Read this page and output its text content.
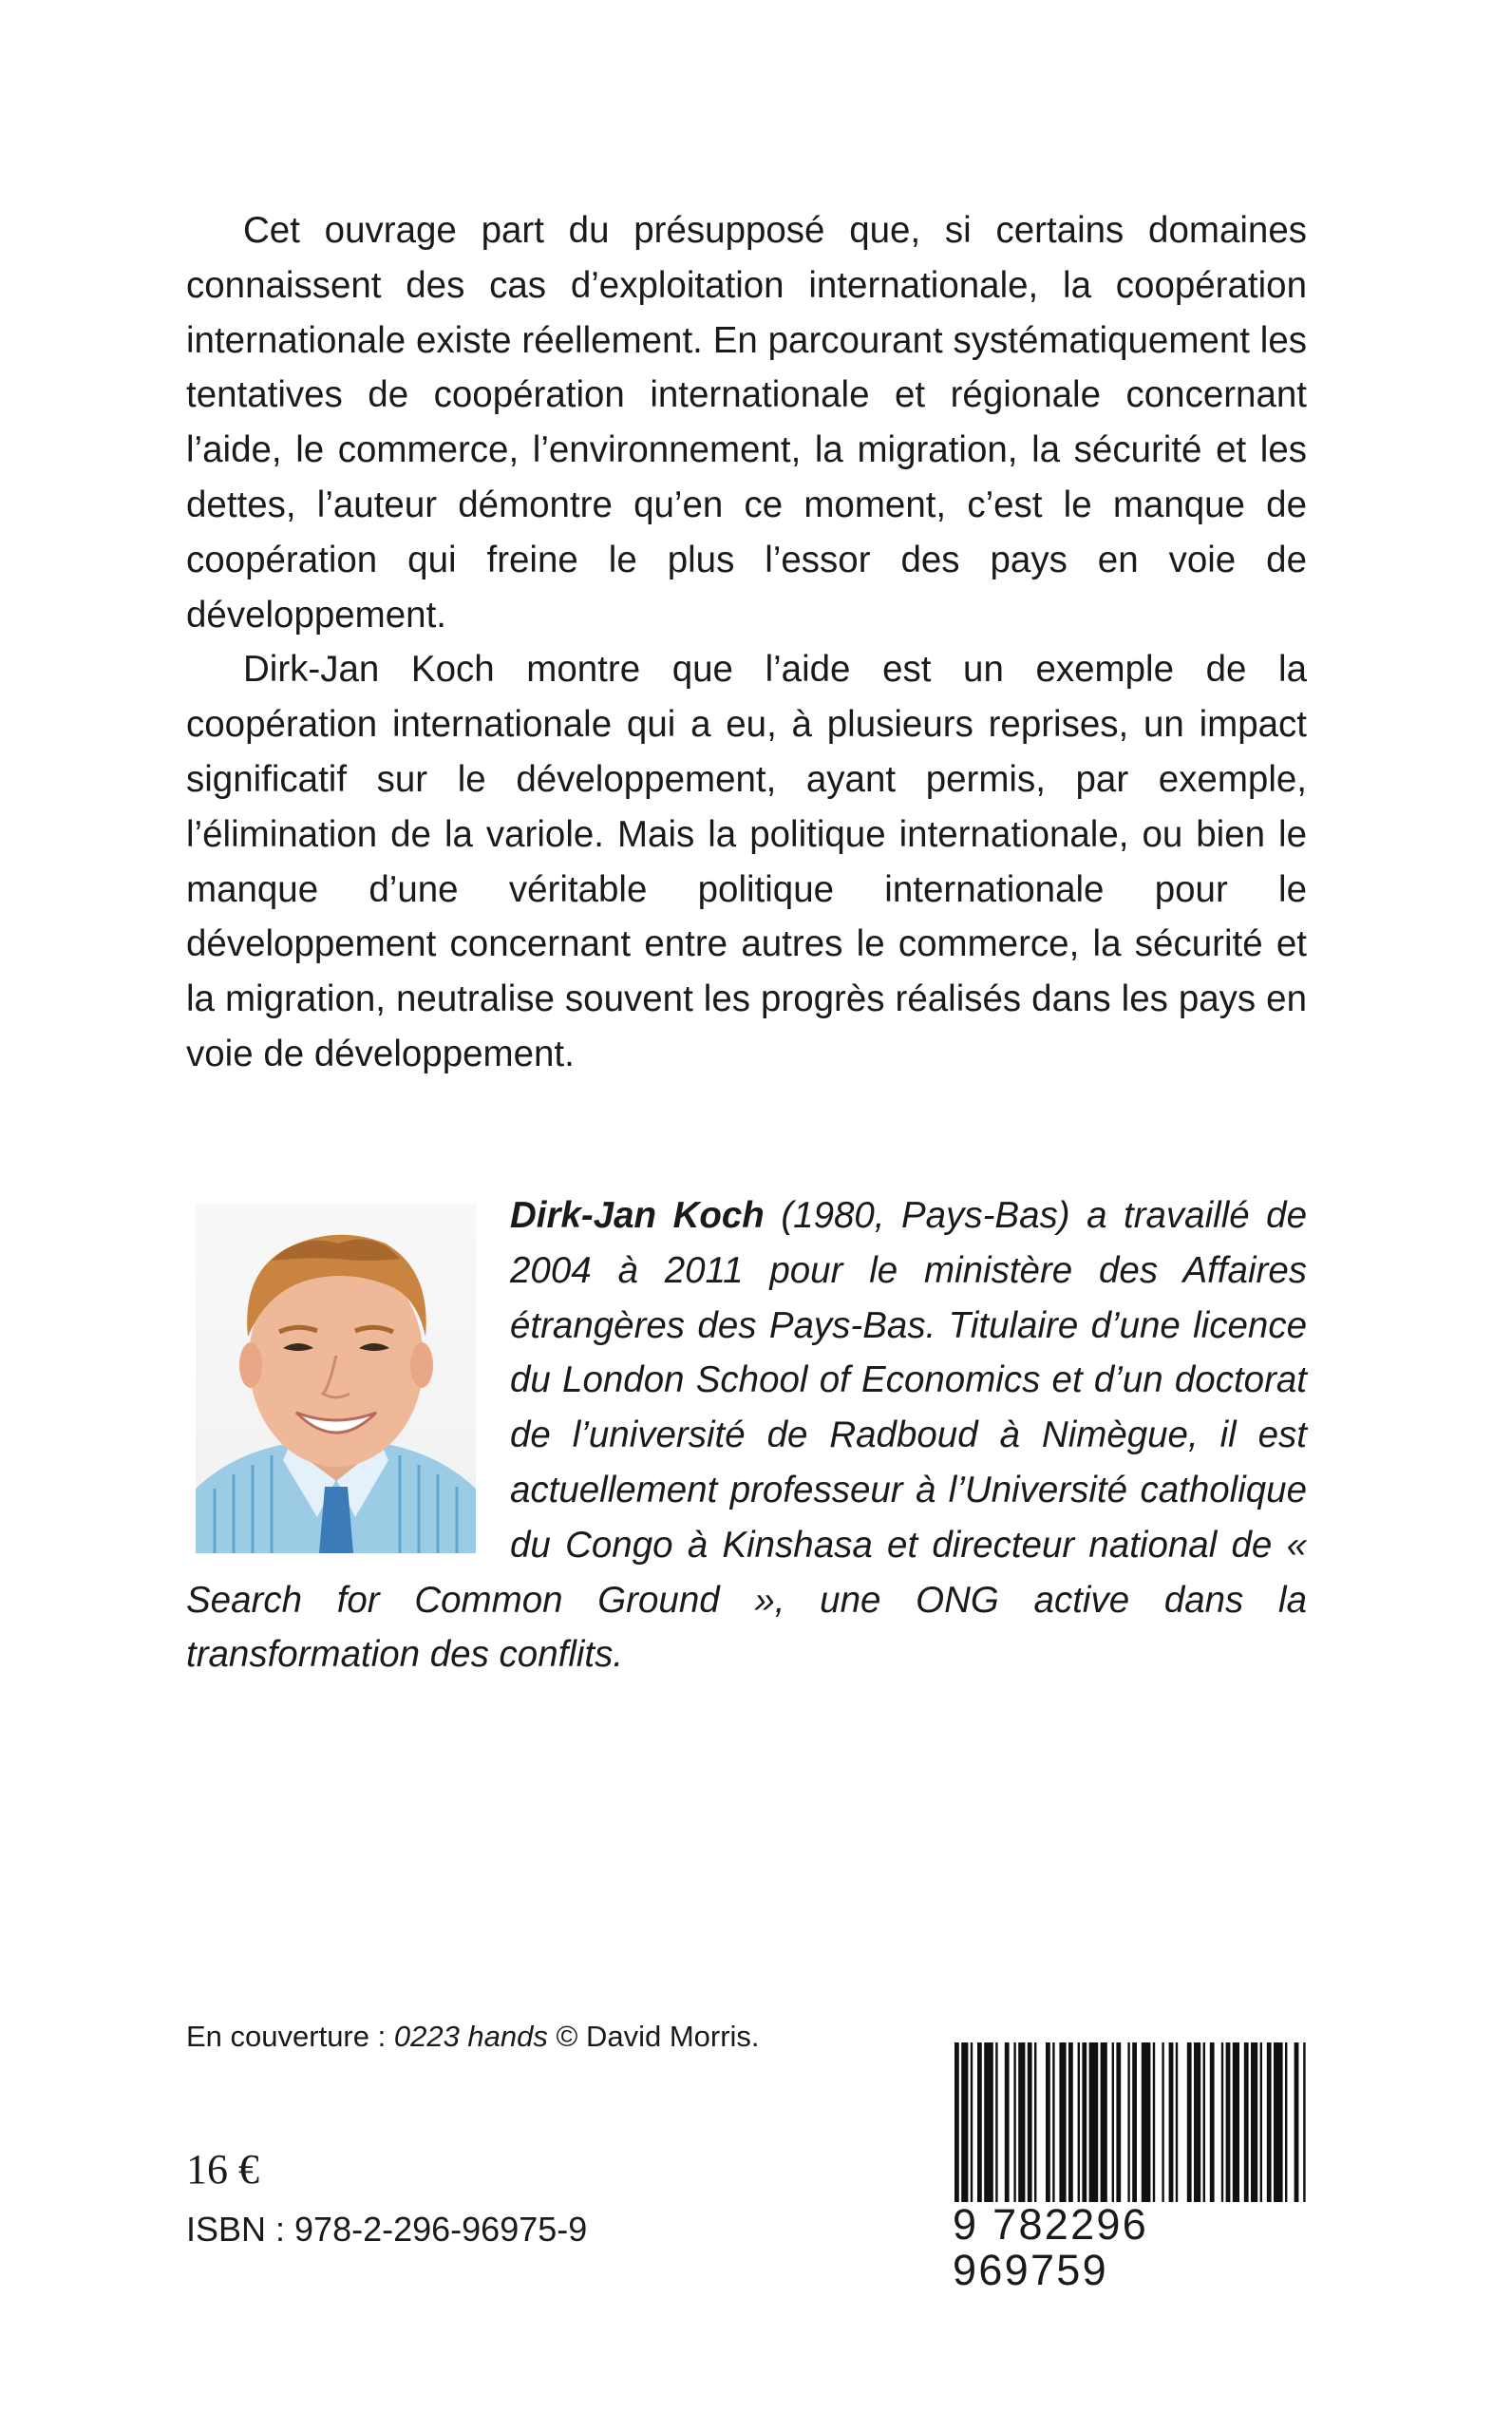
Cet ouvrage part du présupposé que, si certains domaines connaissent des cas d’exploitation internationale, la coopération internationale existe réellement. En parcourant systématiquement les tentatives de coopération internationale et régionale concernant l’aide, le commerce, l’environnement, la migration, la sécurité et les dettes, l’auteur démontre qu’en ce moment, c’est le manque de coopération qui freine le plus l’essor des pays en voie de développement.

Dirk-Jan Koch montre que l’aide est un exemple de la coopération internationale qui a eu, à plusieurs reprises, un impact significatif sur le développement, ayant permis, par exemple, l’élimination de la variole. Mais la politique internationale, ou bien le manque d’une véritable politique internationale pour le développement concernant entre autres le commerce, la sécurité et la migration, neutralise souvent les progrès réalisés dans les pays en voie de développement.

Dirk-Jan Koch (1980, Pays-Bas) a travaillé de 2004 à 2011 pour le ministère des Affaires étrangères des Pays-Bas. Titulaire d’une licence du London School of Economics et d’un doctorat de l’université de Radboud à Nimègue, il est actuellement professeur à l’Université catholique du Congo à Kinshasa et directeur national de « Search for Common Ground », une ONG active dans la transformation des conflits.

En couverture : 0223 hands © David Morris.
16 €
ISBN : 978-2-296-96975-9	9 782296 969759
